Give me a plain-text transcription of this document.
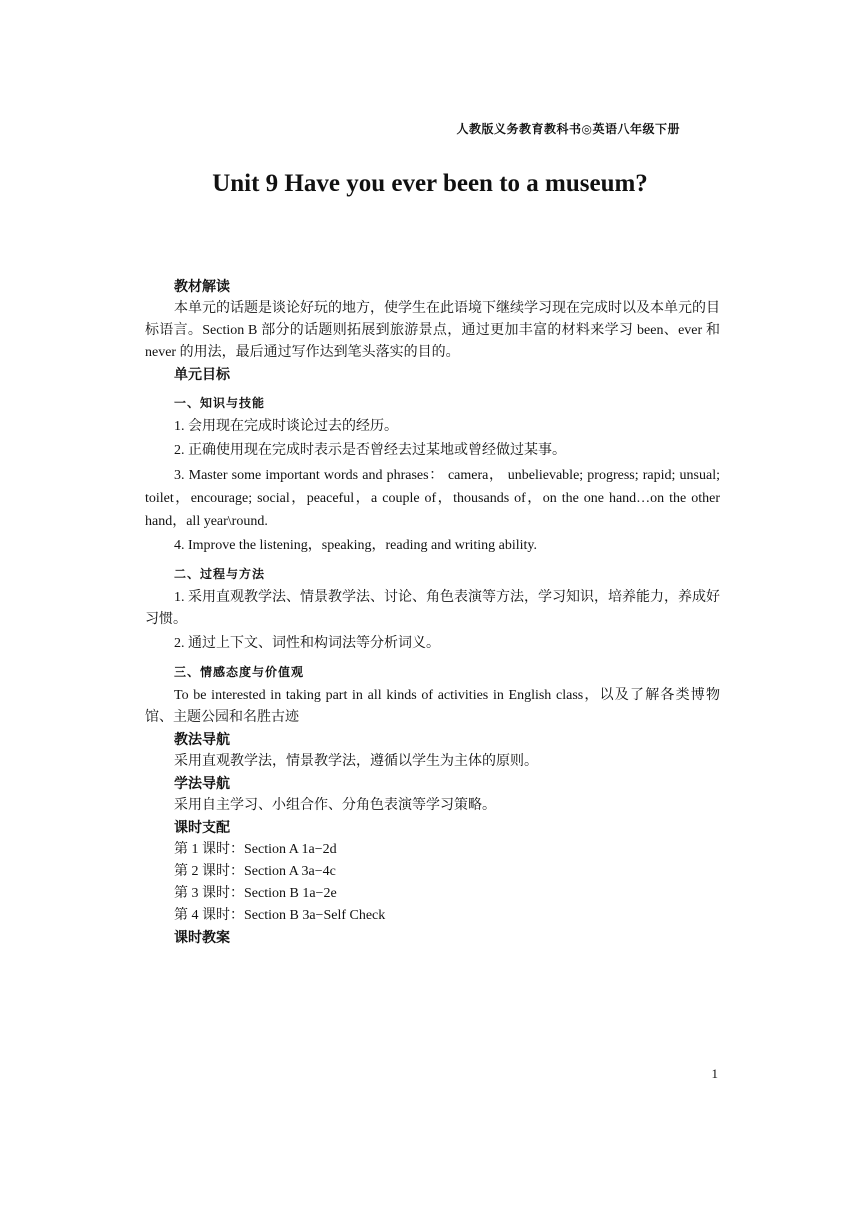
人教版义务教育教科书◎英语八年级下册
Unit 9 Have you ever been to a museum?
教材解读
本单元的话题是谈论好玩的地方，使学生在此语境下继续学习现在完成时以及本单元的目标语言。Section B 部分的话题则拓展到旅游景点，通过更加丰富的材料来学习 been、ever 和 never 的用法，最后通过写作达到笔头落实的目的。
单元目标
一、知识与技能
1. 会用现在完成时谈论过去的经历。
2. 正确使用现在完成时表示是否曾经去过某地或曾经做过某事。
3. Master some important words and phrases： camera， unbelievable; progress; rapid; unsual; toilet，encourage; social，peaceful，a couple of，thousands of，on the one hand…on the other hand，all year\round.
4. Improve the listening，speaking，reading and writing ability.
二、过程与方法
1. 采用直观教学法、情景教学法、讨论、角色表演等方法，学习知识，培养能力，养成好习惯。
2. 通过上下文、词性和构词法等分析词义。
三、情感态度与价值观
To be interested in taking part in all kinds of activities in English class，以及了解各类博物馆、主题公园和名胜古迹
教法导航
采用直观教学法，情景教学法，遵循以学生为主体的原则。
学法导航
采用自主学习、小组合作、分角色表演等学习策略。
课时支配
第 1 课时：Section A 1a−2d
第 2 课时：Section A 3a−4c
第 3 课时：Section B 1a−2e
第 4 课时：Section B 3a−Self Check
课时教案
1
